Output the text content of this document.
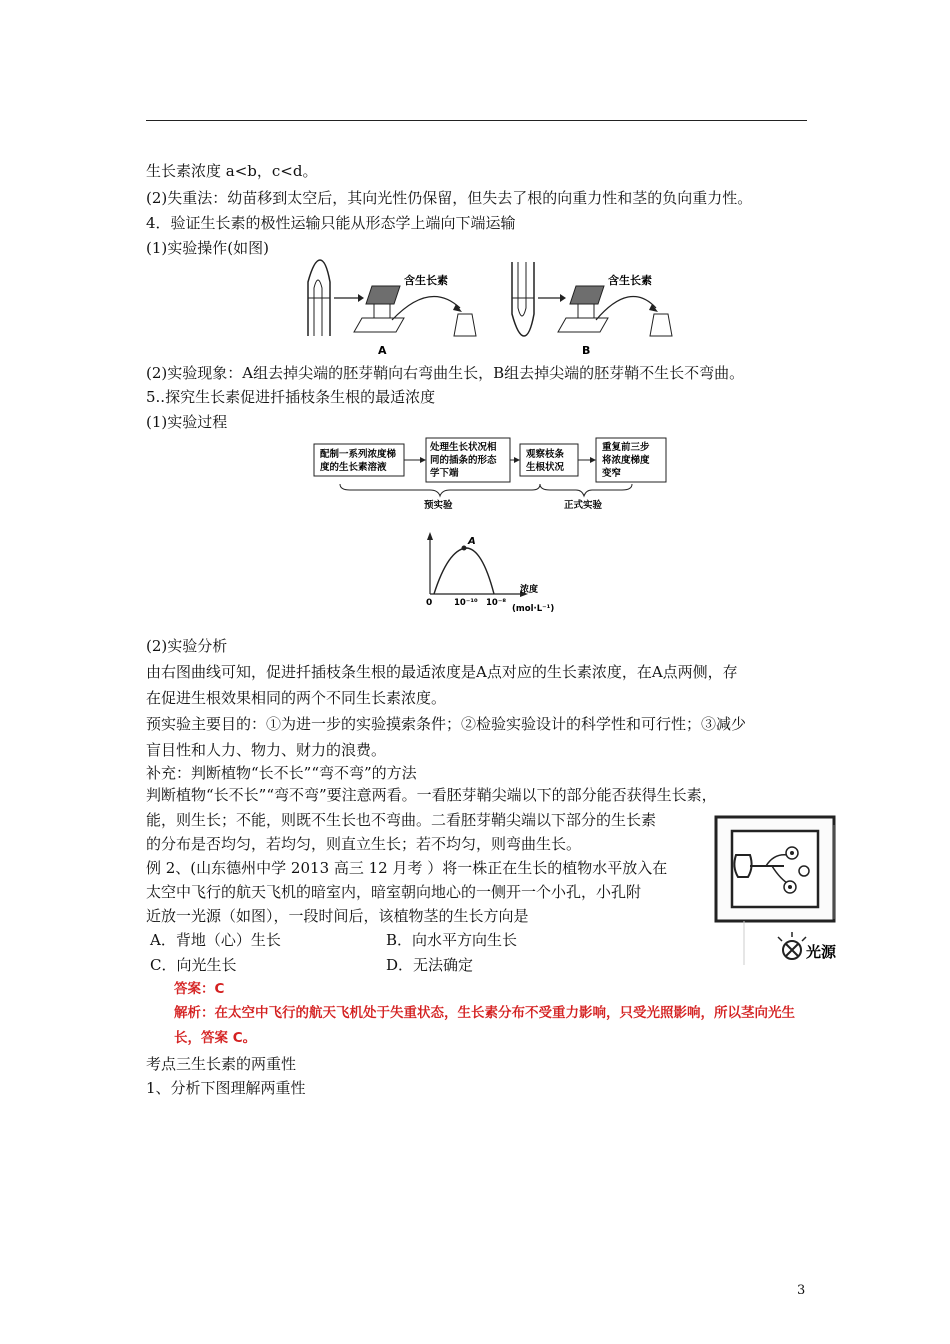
生长素浓度 a<b，c<d。
(2)失重法：幼苗移到太空后，其向光性仍保留，但失去了根的向重力性和茎的负向重力性。
4．验证生长素的极性运输只能从形态学上端向下端运输
(1)实验操作(如图)
含生长素
A
含生长素
B
(2)实验现象：A组去掉尖端的胚芽鞘向右弯曲生长，B组去掉尖端的胚芽鞘不生长不弯曲。
5..探究生长素促进扦插枝条生根的最适浓度
(1)实验过程
配制一系列浓度梯
度的生长素溶液
处理生长状况相
同的插条的形态
学下端
观察枝条
生根状况
重复前三步
将浓度梯度
变窄
预实验	正式实验
A
0	10⁻¹⁰ 10⁻⁸
浓度
(mol·L⁻¹)
(2)实验分析
由右图曲线可知，促进扦插枝条生根的最适浓度是A点对应的生长素浓度，在A点两侧，存
在促进生根效果相同的两个不同生长素浓度。
预实验主要目的：①为进一步的实验摸索条件；②检验实验设计的科学性和可行性；③减少
盲目性和人力、物力、财力的浪费。
补充：判断植物“长不长”“弯不弯”的方法
判断植物“长不长”“弯不弯”要注意两看。一看胚芽鞘尖端以下的部分能否获得生长素，
能，则生长；不能，则既不生长也不弯曲。二看胚芽鞘尖端以下部分的生长素
的分布是否均匀，若均匀，则直立生长；若不均匀，则弯曲生长。
例 2、(山东德州中学 2013 高三 12 月考 ）将一株正在生长的植物水平放入在
太空中飞行的航天飞机的暗室内，暗室朝向地心的一侧开一个小孔，小孔附
近放一光源（如图），一段时间后，该植物茎的生长方向是
光源
A．背地（心）生长	B．向水平方向生长
C．向光生长	D．无法确定
答案：C
解析：在太空中飞行的航天飞机处于失重状态，生长素分布不受重力影响，只受光照影响，所以茎向光生
长，答案 C。
考点三生长素的两重性
1、分析下图理解两重性
3
